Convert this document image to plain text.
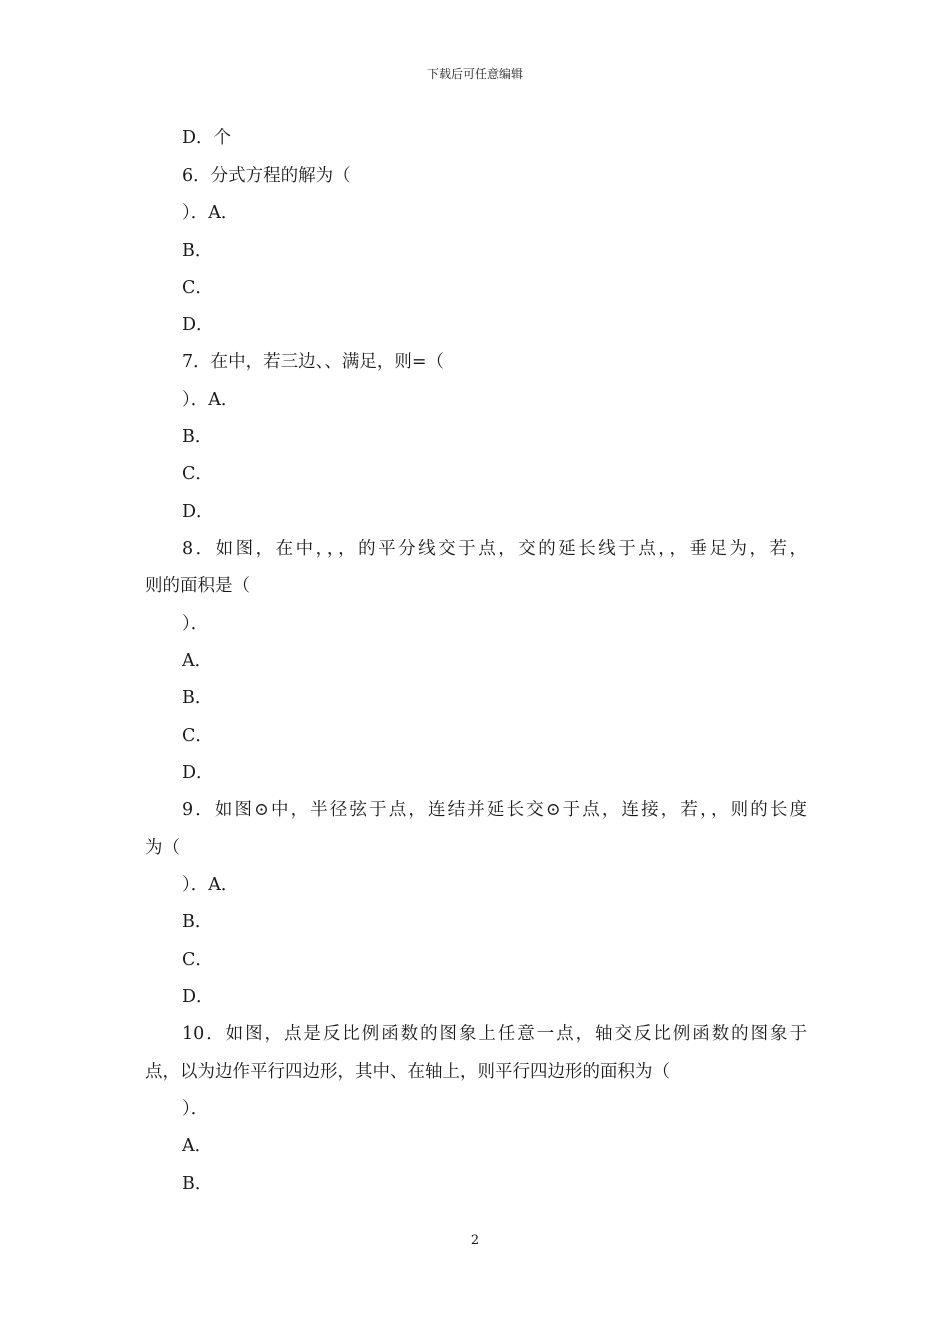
下载后可任意编辑
D．个
6．分式方程的解为（
）．A．
B．
C．
D．
7．在中，若三边、、满足，则=（
）．A．
B．
C．
D．
8．如图，在中，，，的平分线交于点，交的延长线于点，，垂足为，若，
则的面积是（
）．
A．
B．
C．
D．
9．如图⊙中，半径弦于点，连结并延长交⊙于点，连接，若，，则的长度
为（
）．A．
B．
C．
D．
10．如图，点是反比例函数的图象上任意一点，轴交反比例函数的图象于
点，以为边作平行四边形，其中、在轴上，则平行四边形的面积为（
）．
A．
B．
2
